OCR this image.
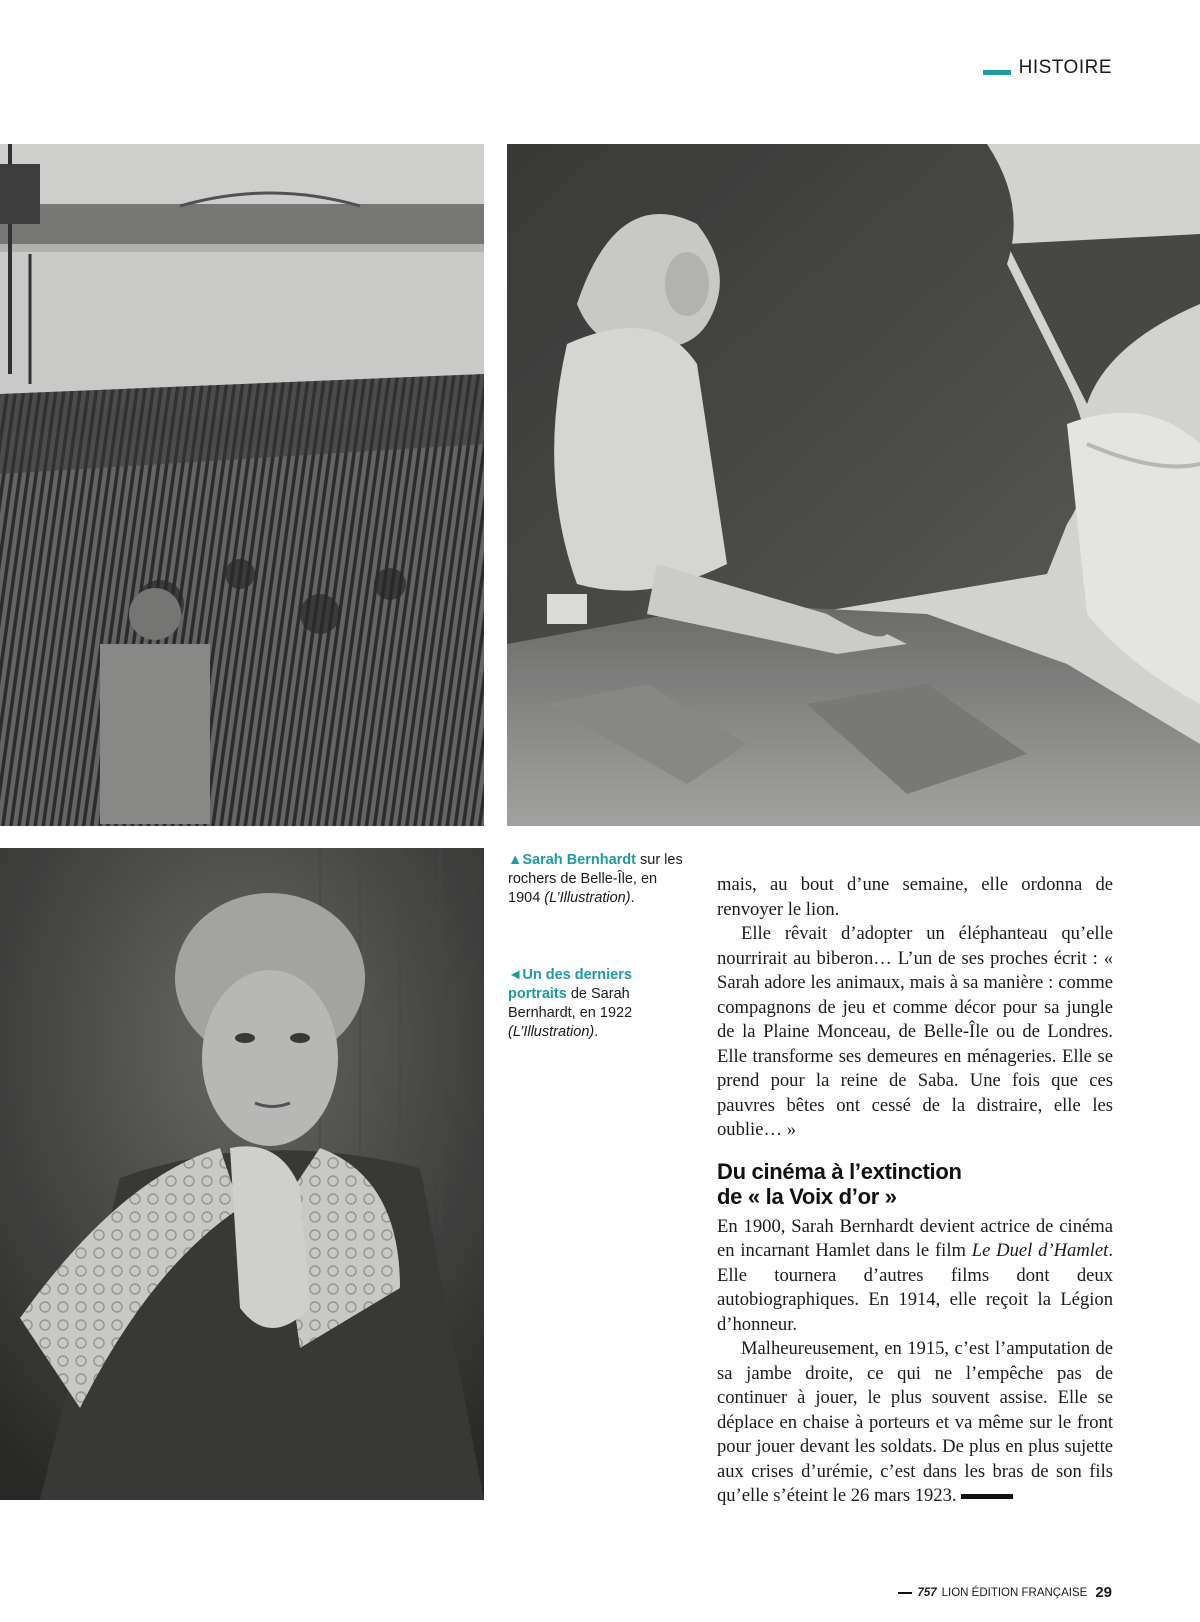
HISTOIRE
▲Sarah Bernhardt sur les rochers de Belle-Île, en 1904 (L’Illustration).
◄Un des derniers portraits de Sarah Bernhardt, en 1922 (L’Illustration).

mais, au bout d’une semaine, elle ordonna de renvoyer le lion.

Elle rêvait d’adopter un éléphanteau qu’elle nourrirait au biberon… L’un de ses proches écrit : « Sarah adore les animaux, mais à sa manière : comme compagnons de jeu et comme décor pour sa jungle de la Plaine Monceau, de Belle-Île ou de Londres. Elle transforme ses demeures en ménageries. Elle se prend pour la reine de Saba. Une fois que ces pauvres bêtes ont cessé de la distraire, elle les oublie… »

Du cinéma à l’extinction
de « la Voix d’or »

En 1900, Sarah Bernhardt devient actrice de cinéma en incarnant Hamlet dans le film Le Duel d’Hamlet. Elle tournera d’autres films dont deux autobiographiques. En 1914, elle reçoit la Légion d’honneur.

Malheureusement, en 1915, c’est l’amputation de sa jambe droite, ce qui ne l’empêche pas de continuer à jouer, le plus souvent assise. Elle se déplace en chaise à porteurs et va même sur le front pour jouer devant les soldats. De plus en plus sujette aux crises d’urémie, c’est dans les bras de son fils qu’elle s’éteint le 26 mars 1923.

757 LION ÉDITION FRANÇAISE 29
